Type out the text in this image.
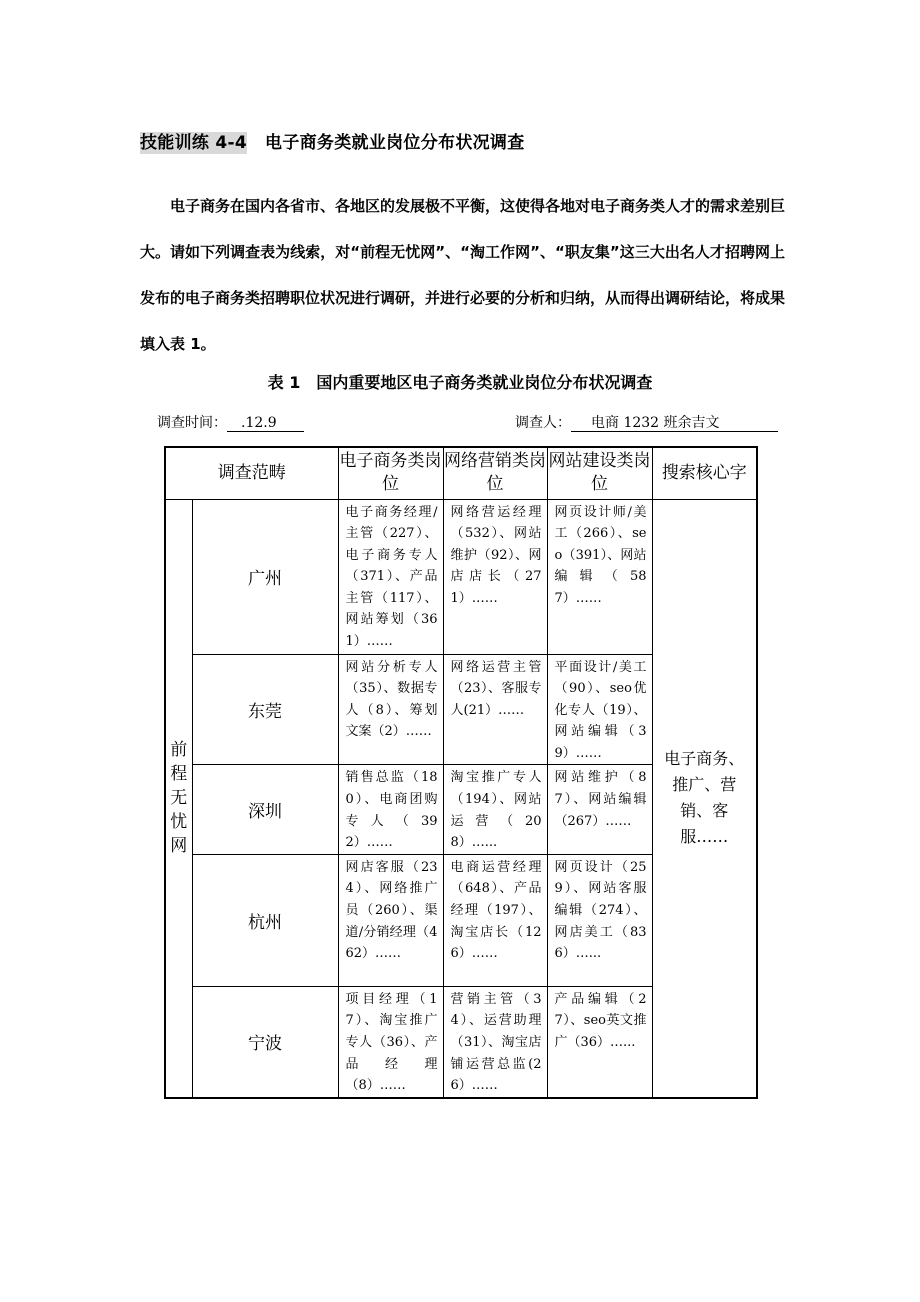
技能训练 4-4 电子商务类就业岗位分布状况调查

电子商务在国内各省市、各地区的发展极不平衡，这使得各地对电子商务类人才的需求差别巨大。请如下列调查表为线索，对“前程无忧网”、“淘工作网”、“职友集”这三大出名人才招聘网上发布的电子商务类招聘职位状况进行调研，并进行必要的分析和归纳，从而得出调研结论，将成果填入表 1。

表 1 国内重要地区电子商务类就业岗位分布状况调查
调查时间： .12.9	调查人： 电商 1232 班余吉文
调查范畴		电子商务类岗位	网络营销类岗位	网站建设类岗位	搜索核心字
前程无忧网	广州	电子商务经理/主管（227）、电子商务专人（371）、产品主管（117）、网站筹划（361）……	网络营运经理（532）、网站维护（92）、网店店长（271）……	网页设计师/美工（266）、seo（391）、网站编辑（587）……	电子商务、推广、营销、客服……
	东莞	网站分析专人（35）、数据专人（8）、筹划文案（2）……	网络运营主管（23）、客服专人(21）……	平面设计/美工（90）、seo优化专人（19）、网站编辑（39）……	
	深圳	销售总监（180）、电商团购专人（392）……	淘宝推广专人（194）、网站运营（208）…...	网站维护（87）、网站编辑（267）……	
	杭州	网店客服（234）、网络推广员（260）、渠道/分销经理（462）……	电商运营经理（648）、产品经理（197）、淘宝店长（126）……	网页设计（259）、网站客服编辑（274）、网店美工（836）…...	
	宁波	项目经理（17）、淘宝推广专人（36）、产品经理（8）……	营销主管（34）、运营助理（31）、淘宝店铺运营总监(26）……	产品编辑（27）、seo英文推广（36）…...	
